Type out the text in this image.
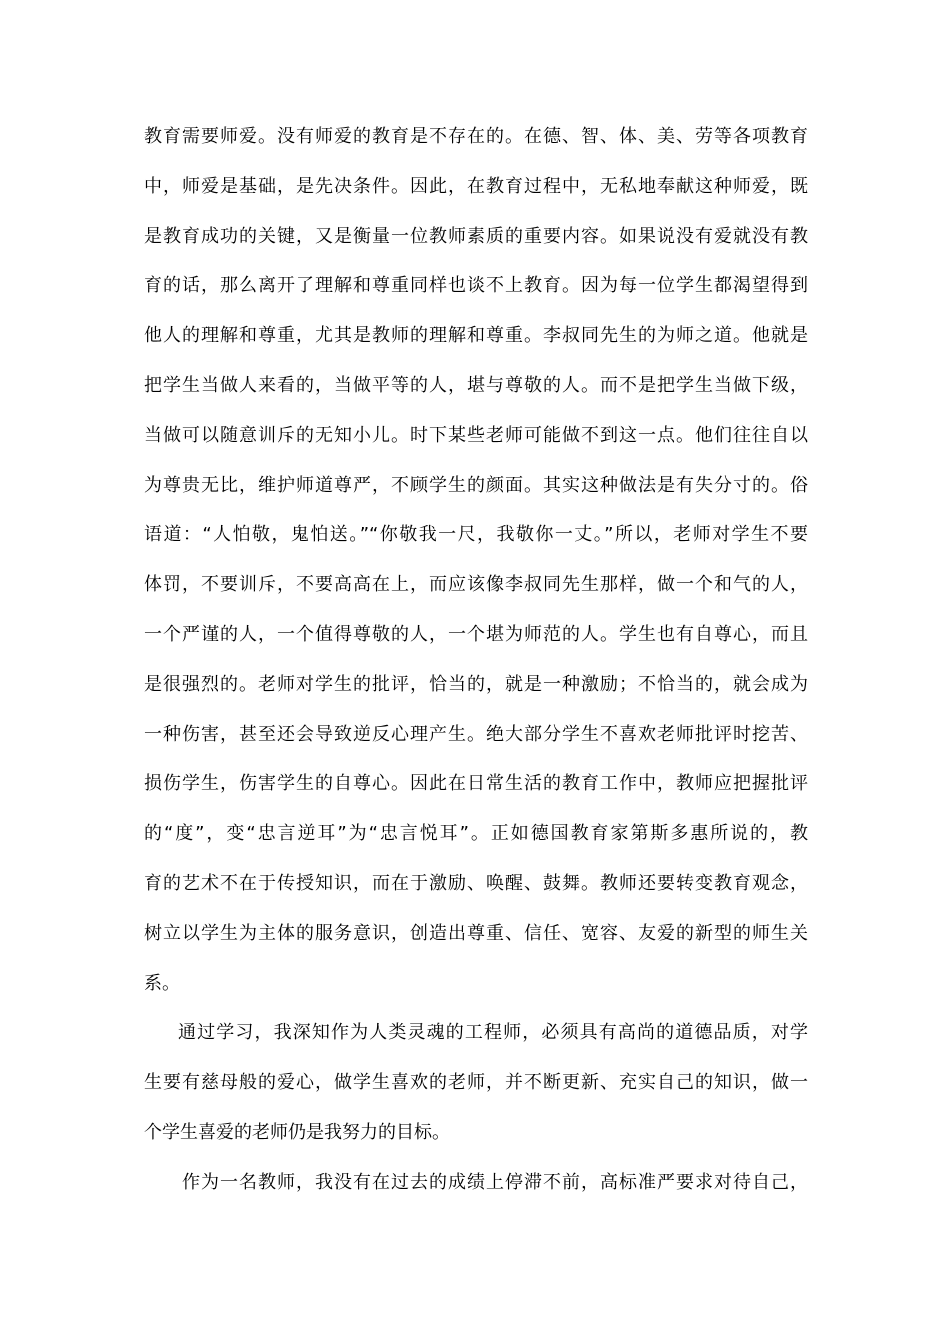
教育需要师爱。没有师爱的教育是不存在的。在德、智、体、美、劳等各项教育
中，师爱是基础，是先决条件。因此，在教育过程中，无私地奉献这种师爱，既
是教育成功的关键，又是衡量一位教师素质的重要内容。如果说没有爱就没有教
育的话，那么离开了理解和尊重同样也谈不上教育。因为每一位学生都渴望得到
他人的理解和尊重，尤其是教师的理解和尊重。李叔同先生的为师之道。他就是
把学生当做人来看的，当做平等的人，堪与尊敬的人。而不是把学生当做下级，
当做可以随意训斥的无知小儿。时下某些老师可能做不到这一点。他们往往自以
为尊贵无比，维护师道尊严，不顾学生的颜面。其实这种做法是有失分寸的。俗
语道：“人怕敬，鬼怕送。”“你敬我一尺，我敬你一丈。”所以，老师对学生不要
体罚，不要训斥，不要高高在上，而应该像李叔同先生那样，做一个和气的人，
一个严谨的人，一个值得尊敬的人，一个堪为师范的人。学生也有自尊心，而且
是很强烈的。老师对学生的批评，恰当的，就是一种激励；不恰当的，就会成为
一种伤害，甚至还会导致逆反心理产生。绝大部分学生不喜欢老师批评时挖苦、
损伤学生，伤害学生的自尊心。因此在日常生活的教育工作中，教师应把握批评
的“度”，变“忠言逆耳”为“忠言悦耳”。正如德国教育家第斯多惠所说的，教
育的艺术不在于传授知识，而在于激励、唤醒、鼓舞。教师还要转变教育观念，
树立以学生为主体的服务意识，创造出尊重、信任、宽容、友爱的新型的师生关
系。
通过学习，我深知作为人类灵魂的工程师，必须具有高尚的道德品质，对学
生要有慈母般的爱心，做学生喜欢的老师，并不断更新、充实自己的知识，做一
个学生喜爱的老师仍是我努力的目标。
作为一名教师，我没有在过去的成绩上停滞不前，高标准严要求对待自己，
